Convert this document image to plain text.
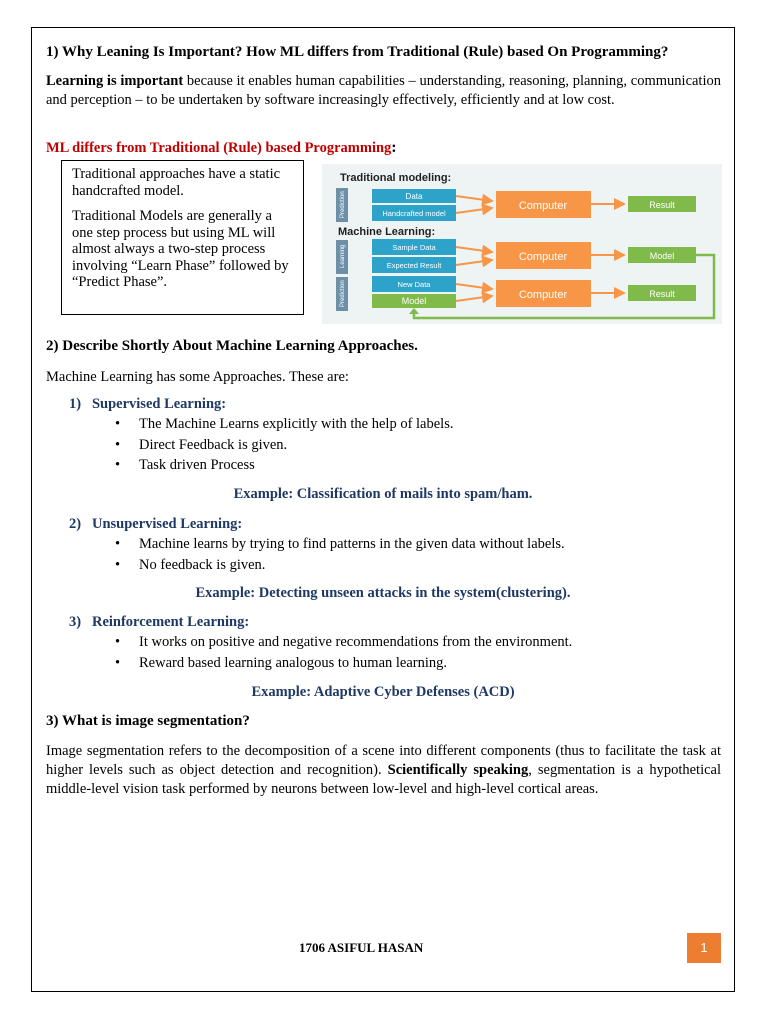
1) Why Leaning Is Important? How ML differs from Traditional (Rule) based On Programming?
Learning is important because it enables human capabilities – understanding, reasoning, planning, communication and perception – to be undertaken by software increasingly effectively, efficiently and at low cost.
ML differs from Traditional (Rule) based Programming:

Traditional approaches have a static handcrafted model.

Traditional Models are generally a one step process but using ML will almost always a two-step process involving “Learn Phase” followed by “Predict Phase”.

Traditional modeling:
Machine Learning:
Prediction	Data
Handcrafted model
Computer	Result
Learning	Sample Data
Expected Result
Computer	Model
Prediction	New Data
Model	Computer	Result
2) Describe Shortly About Machine Learning Approaches.
Machine Learning has some Approaches. These are:
1) Supervised Learning:
• The Machine Learns explicitly with the help of labels.
• Direct Feedback is given.
• Task driven Process
Example: Classification of mails into spam/ham.
2) Unsupervised Learning:
• Machine learns by trying to find patterns in the given data without labels.
• No feedback is given.
Example: Detecting unseen attacks in the system(clustering).
3) Reinforcement Learning:
• It works on positive and negative recommendations from the environment.
• Reward based learning analogous to human learning.
Example: Adaptive Cyber Defenses (ACD)
3) What is image segmentation?
Image segmentation refers to the decomposition of a scene into different components (thus to facilitate the task at higher levels such as object detection and recognition). Scientifically speaking, segmentation is a hypothetical middle-level vision task performed by neurons between low-level and high-level cortical areas.
1706 ASIFUL HASAN	1
